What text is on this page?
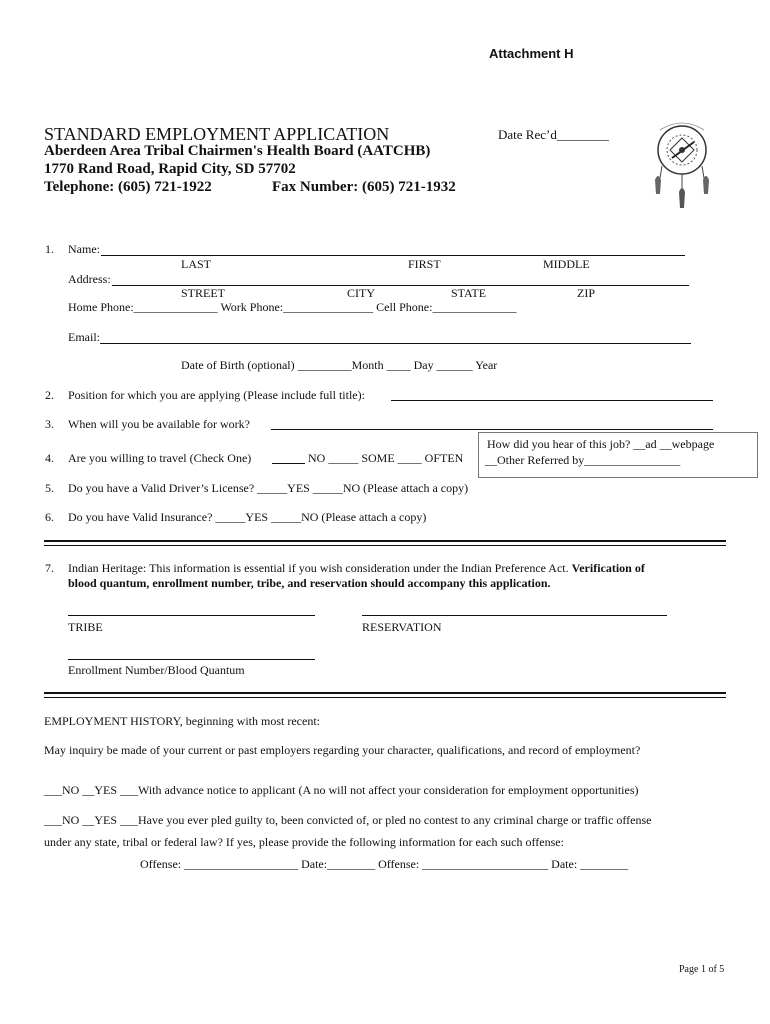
Attachment H
STANDARD EMPLOYMENT APPLICATION	Date Rec’d________
Aberdeen Area Tribal Chairmen's Health Board (AATCHB)
1770 Rand Road, Rapid City, SD 57702
Telephone: (605) 721-1922	Fax Number: (605) 721-1932
1. Name:
LAST	FIRST	MIDDLE
Address:
STREET	CITY	STATE	ZIP
Home Phone:______________ Work Phone:_______________ Cell Phone:______________
Email:
Date of Birth (optional) _________Month ____ Day ______ Year
2. Position for which you are applying (Please include full title):
3. When will you be available for work?
4. Are you willing to travel (Check One)	NO _____ SOME ____ OFTEN
How did you hear of this job? __ad __webpage
__Other Referred by________________
5. Do you have a Valid Driver’s License? _____YES _____NO (Please attach a copy)
6. Do you have Valid Insurance? _____YES _____NO (Please attach a copy)
7. Indian Heritage: This information is essential if you wish consideration under the Indian Preference Act. Verification of
blood quantum, enrollment number, tribe, and reservation should accompany this application.
TRIBE	RESERVATION
Enrollment Number/Blood Quantum
EMPLOYMENT HISTORY, beginning with most recent:
May inquiry be made of your current or past employers regarding your character, qualifications, and record of employment?
___NO __YES ___With advance notice to applicant (A no will not affect your consideration for employment opportunities)
___NO __YES ___Have you ever pled guilty to, been convicted of, or pled no contest to any criminal charge or traffic offense
under any state, tribal or federal law? If yes, please provide the following information for each such offense:
Offense: ___________________ Date:________ Offense: _____________________ Date: ________
Page 1 of 5
